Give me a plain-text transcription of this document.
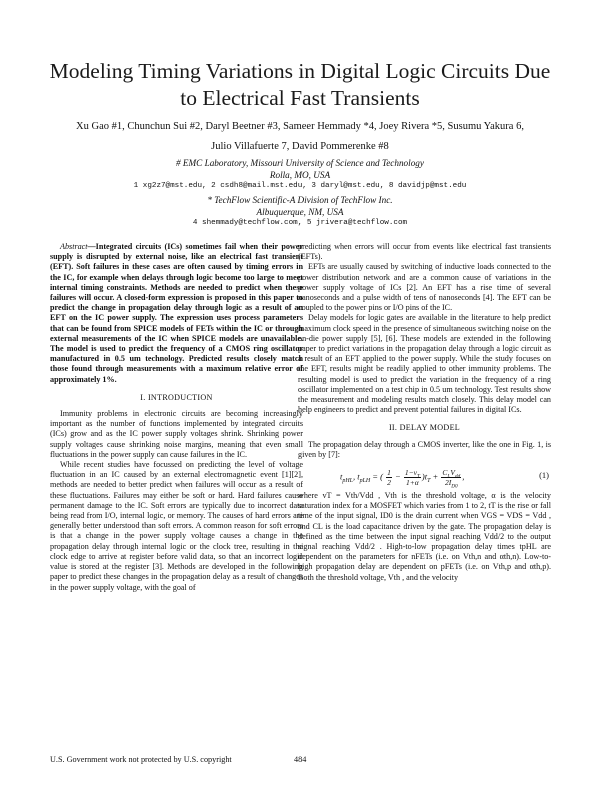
Modeling Timing Variations in Digital Logic Circuits Due to Electrical Fast Transients
Xu Gao #1, Chunchun Sui #2, Daryl Beetner #3, Sameer Hemmady *4, Joey Rivera *5, Susumu Yakura 6,
Julio Villafuerte 7, David Pommerenke #8
# EMC Laboratory, Missouri University of Science and Technology
Rolla, MO, USA
1 xg2z7@mst.edu, 2 csdh8@mail.mst.edu, 3 daryl@mst.edu, 8 davidjp@mst.edu
* TechFlow Scientific-A Division of TechFlow Inc.
Albuquerque, NM, USA
4 shemmady@techflow.com, 5 jrivera@techflow.com

Abstract—Integrated circuits (ICs) sometimes fail when their power supply is disrupted by external noise, like an electrical fast transient (EFT). Soft failures in these cases are often caused by timing errors in the IC, for example when delays through logic become too large to meet internal timing constraints. Methods are needed to predict when these failures will occur. A closed-form expression is proposed in this paper to predict the change in propagation delay through logic as a result of an EFT on the IC power supply. The expression uses process parameters that can be found from SPICE models of FETs within the IC or through external measurements of the IC when SPICE models are unavailable. The model is used to predict the frequency of a CMOS ring oscillator manufactured in 0.5 um technology. Predicted results closely match those found through measurements with a maximum relative error of approximately 1%.

I. INTRODUCTION

Immunity problems in electronic circuits are becoming increasingly important as the number of functions implemented by integrated circuits (ICs) grow and as the IC power supply voltages shrink. Shrinking power supply voltages cause shrinking noise margins, meaning that even small fluctuations in the power supply can cause failures in the IC.

While recent studies have focussed on predicting the level of voltage fluctuation in an IC caused by an external electromagnetic event [1][2], methods are needed to better predict when failures will occur as a result of these fluctuations. Failures may either be soft or hard. Hard failures cause permanent damage to the IC. Soft errors are typically due to incorrect data being read from I/O, internal logic, or memory. The causes of hard errors are generally better understood than soft errors. A common reason for soft errors is that a change in the power supply voltage causes a change in the propagation delay through internal logic or the clock tree, resulting in the clock edge to arrive at register before valid data, so that an incorrect logic value is stored at the register [3]. Methods are developed in the following paper to predict these changes in the propagation delay as a result of changes in the power supply voltage, with the goal of

predicting when errors will occur from events like electrical fast transients (EFTs).

EFTs are usually caused by switching of inductive loads connected to the power distribution network and are a common cause of variations in the power supply voltage of ICs [2]. An EFT has a rise time of several nanoseconds and a pulse width of tens of nanoseconds [4]. The EFT can be coupled to the power pins or I/O pins of the IC.

Delay models for logic gates are available in the literature to help predict maximum clock speed in the presence of simultaneous switching noise on the on-die power supply [5], [6]. These models are extended in the following paper to predict variations in the propagation delay through a logic circuit as a result of an EFT applied to the power supply. While the study focuses on the EFT, results might be readily applied to other immunity problems. The resulting model is used to predict the variation in the frequency of a ring oscillator implemented on a test chip in 0.5 um technology. Test results show the measurement and modeling results match closely. This delay model can help engineers to predict and prevent potential failures in digital ICs.

II. DELAY MODEL

The propagation delay through a CMOS inverter, like the one in Fig. 1, is given by [7]:

$t_{pHL}$, $t_{pLH}$ = ( $\frac{1}{2} - \frac{1-v_T}{1+\alpha} )t_T + \frac{C_LV_{dd}}{2I_{D0}}$ ,	(1)

where vT = Vth/Vdd , Vth is the threshold voltage, α is the velocity saturation index for a MOSFET which varies from 1 to 2, tT is the rise or fall time of the input signal, ID0 is the drain current when VGS = VDS = Vdd , and CL is the load capacitance driven by the gate. The propagation delay is defined as the time between the input signal reaching Vdd/2 to the output signal reaching Vdd/2 . High-to-low propagation delay times tpHL are dependent on the parameters for nFETs (i.e. on Vth,n and αth,n). Low-to-high propagation delay are dependent on pFETs (i.e. on Vth,p and αth,p). Both the threshold voltage, Vth , and the velocity

U.S. Government work not protected by U.S. copyright	484
